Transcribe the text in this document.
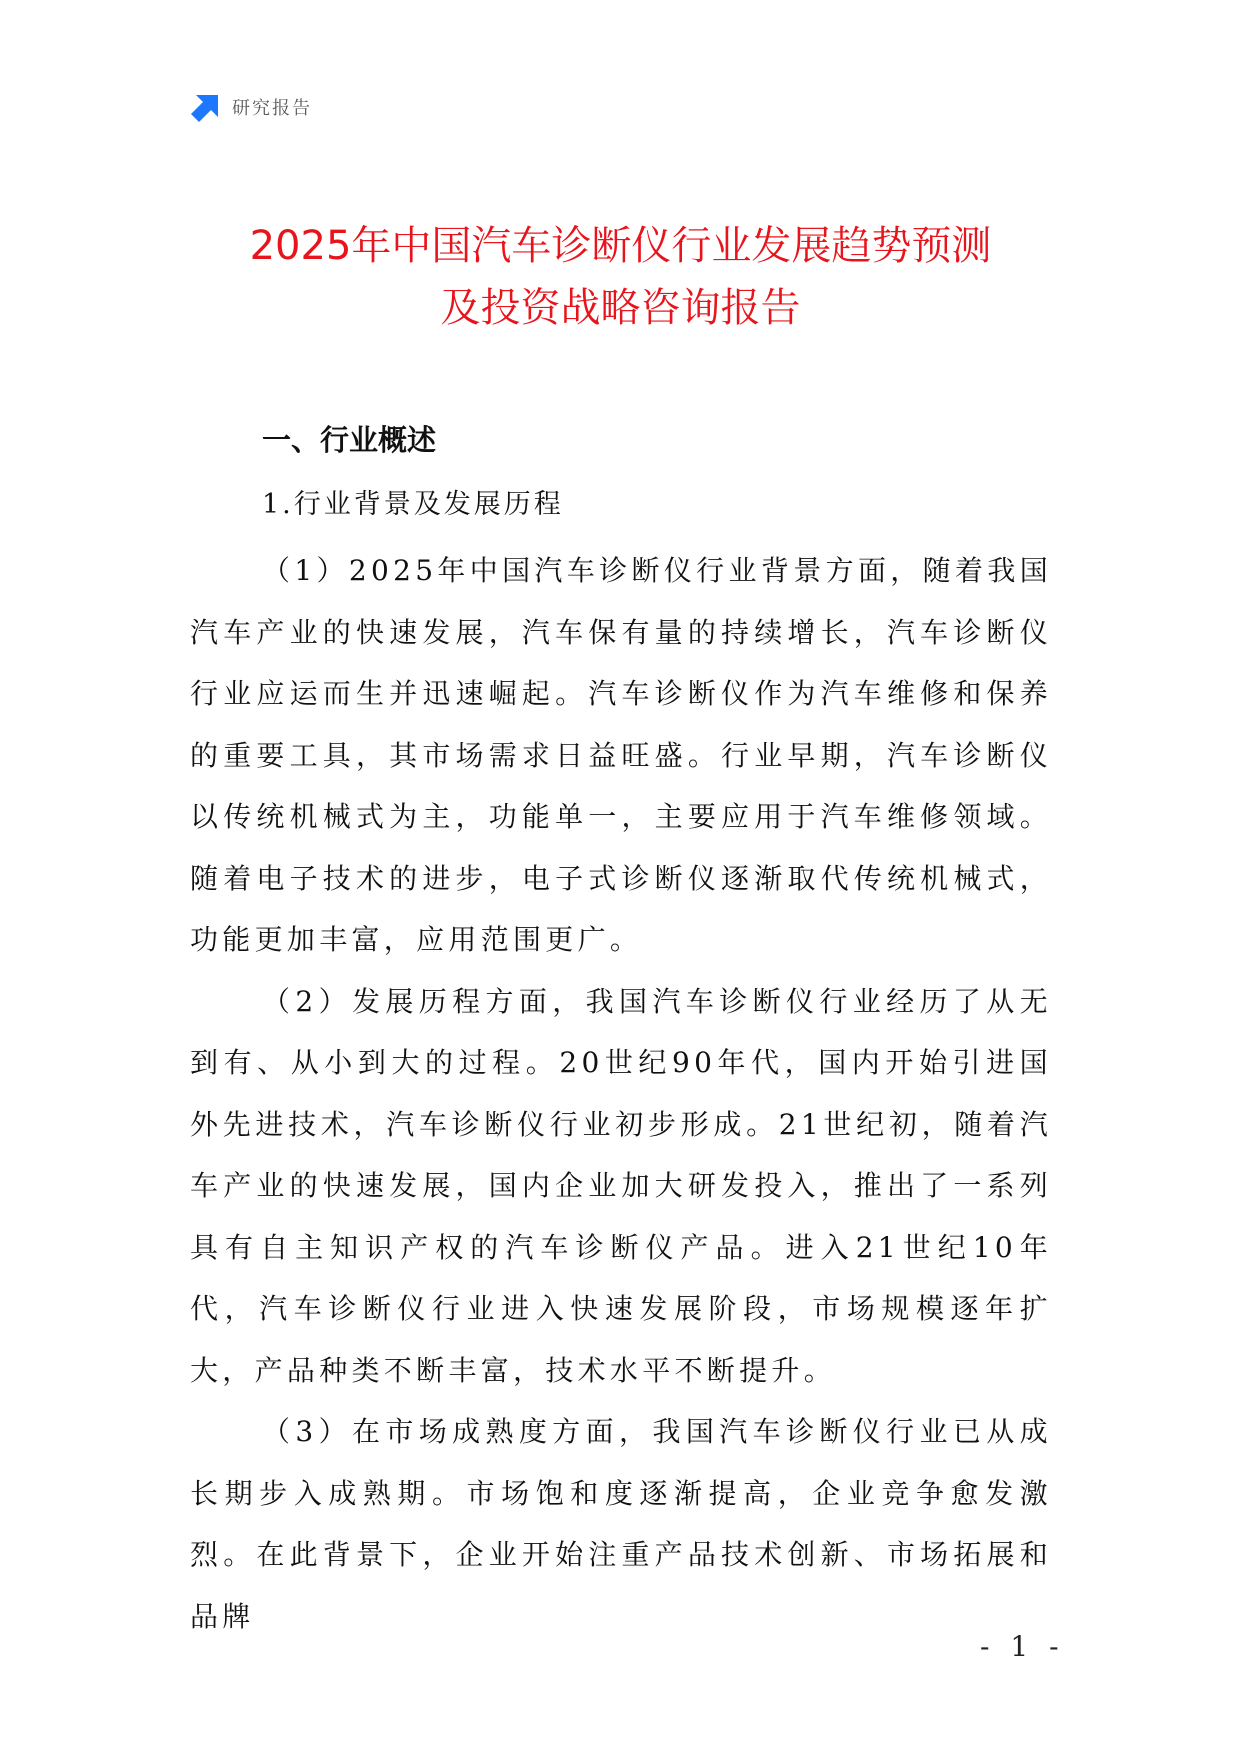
研究报告
2025年中国汽车诊断仪行业发展趋势预测
及投资战略咨询报告
一、行业概述
1.行业背景及发展历程

（1）2025年中国汽车诊断仪行业背景方面，随着我国汽车产业的快速发展，汽车保有量的持续增长，汽车诊断仪行业应运而生并迅速崛起。汽车诊断仪作为汽车维修和保养的重要工具，其市场需求日益旺盛。行业早期，汽车诊断仪以传统机械式为主，功能单一，主要应用于汽车维修领域。随着电子技术的进步，电子式诊断仪逐渐取代传统机械式，功能更加丰富，应用范围更广。

（2）发展历程方面，我国汽车诊断仪行业经历了从无到有、从小到大的过程。20世纪90年代，国内开始引进国外先进技术，汽车诊断仪行业初步形成。21世纪初，随着汽车产业的快速发展，国内企业加大研发投入，推出了一系列具有自主知识产权的汽车诊断仪产品。进入21世纪10年代，汽车诊断仪行业进入快速发展阶段，市场规模逐年扩大，产品种类不断丰富，技术水平不断提升。

（3）在市场成熟度方面，我国汽车诊断仪行业已从成长期步入成熟期。市场饱和度逐渐提高，企业竞争愈发激烈。在此背景下，企业开始注重产品技术创新、市场拓展和品牌

- 1 -
